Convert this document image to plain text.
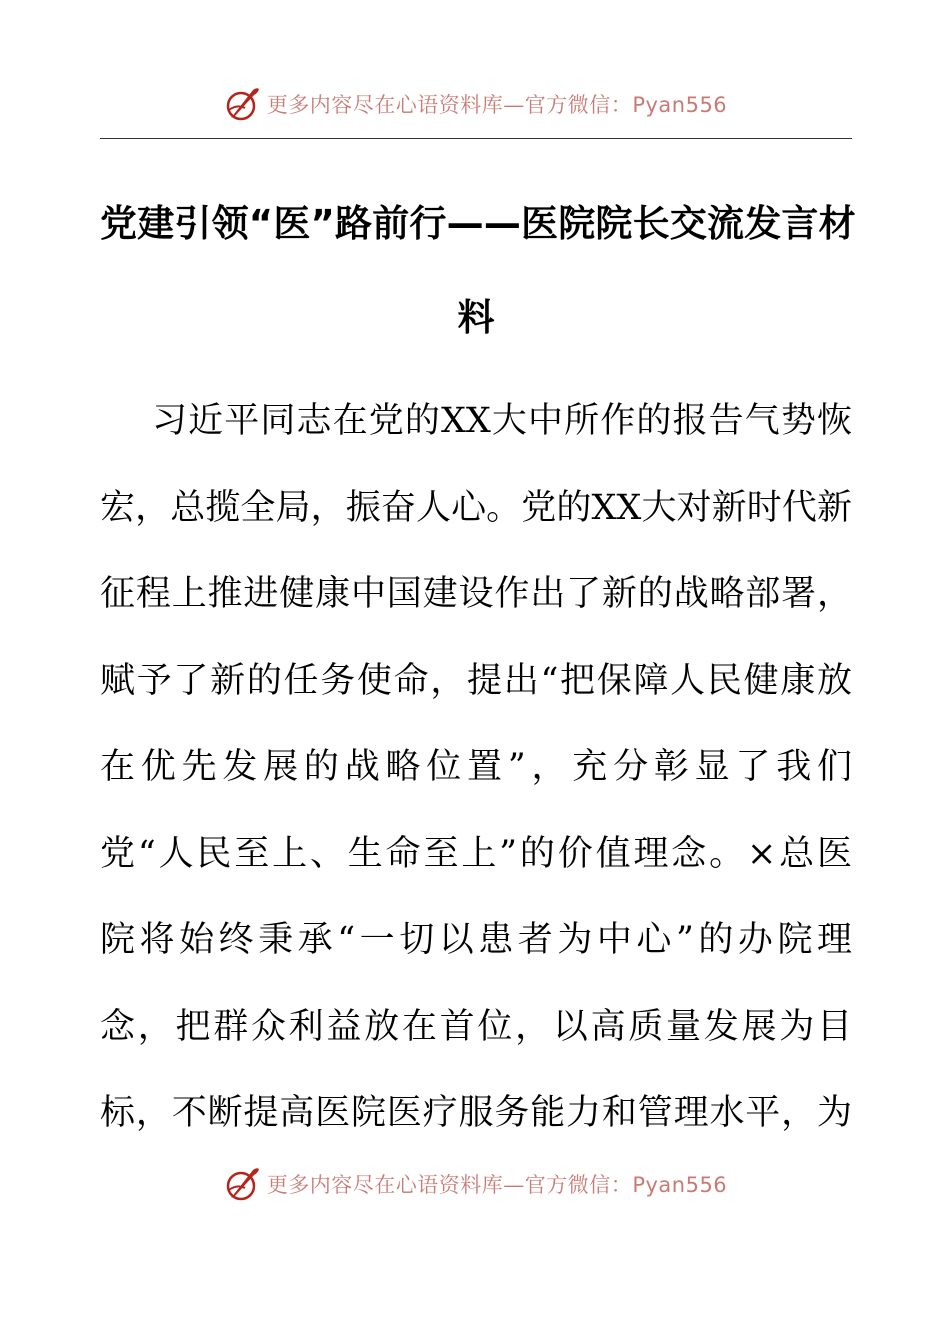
更多内容尽在心语资料库—官方微信：Pyan556
党建引领“医”路前行——医院院长交流发言材
料
习近平同志在党的XX大中所作的报告气势恢
宏，总揽全局，振奋人心。党的XX大对新时代新
征程上推进健康中国建设作出了新的战略部署，
赋予了新的任务使命，提出“把保障人民健康放
在优先发展的战略位置”，充分彰显了我们
党“人民至上、生命至上”的价值理念。×总医
院将始终秉承“一切以患者为中心”的办院理
念，把群众利益放在首位，以高质量发展为目
标，不断提高医院医疗服务能力和管理水平，为
更多内容尽在心语资料库—官方微信：Pyan556
